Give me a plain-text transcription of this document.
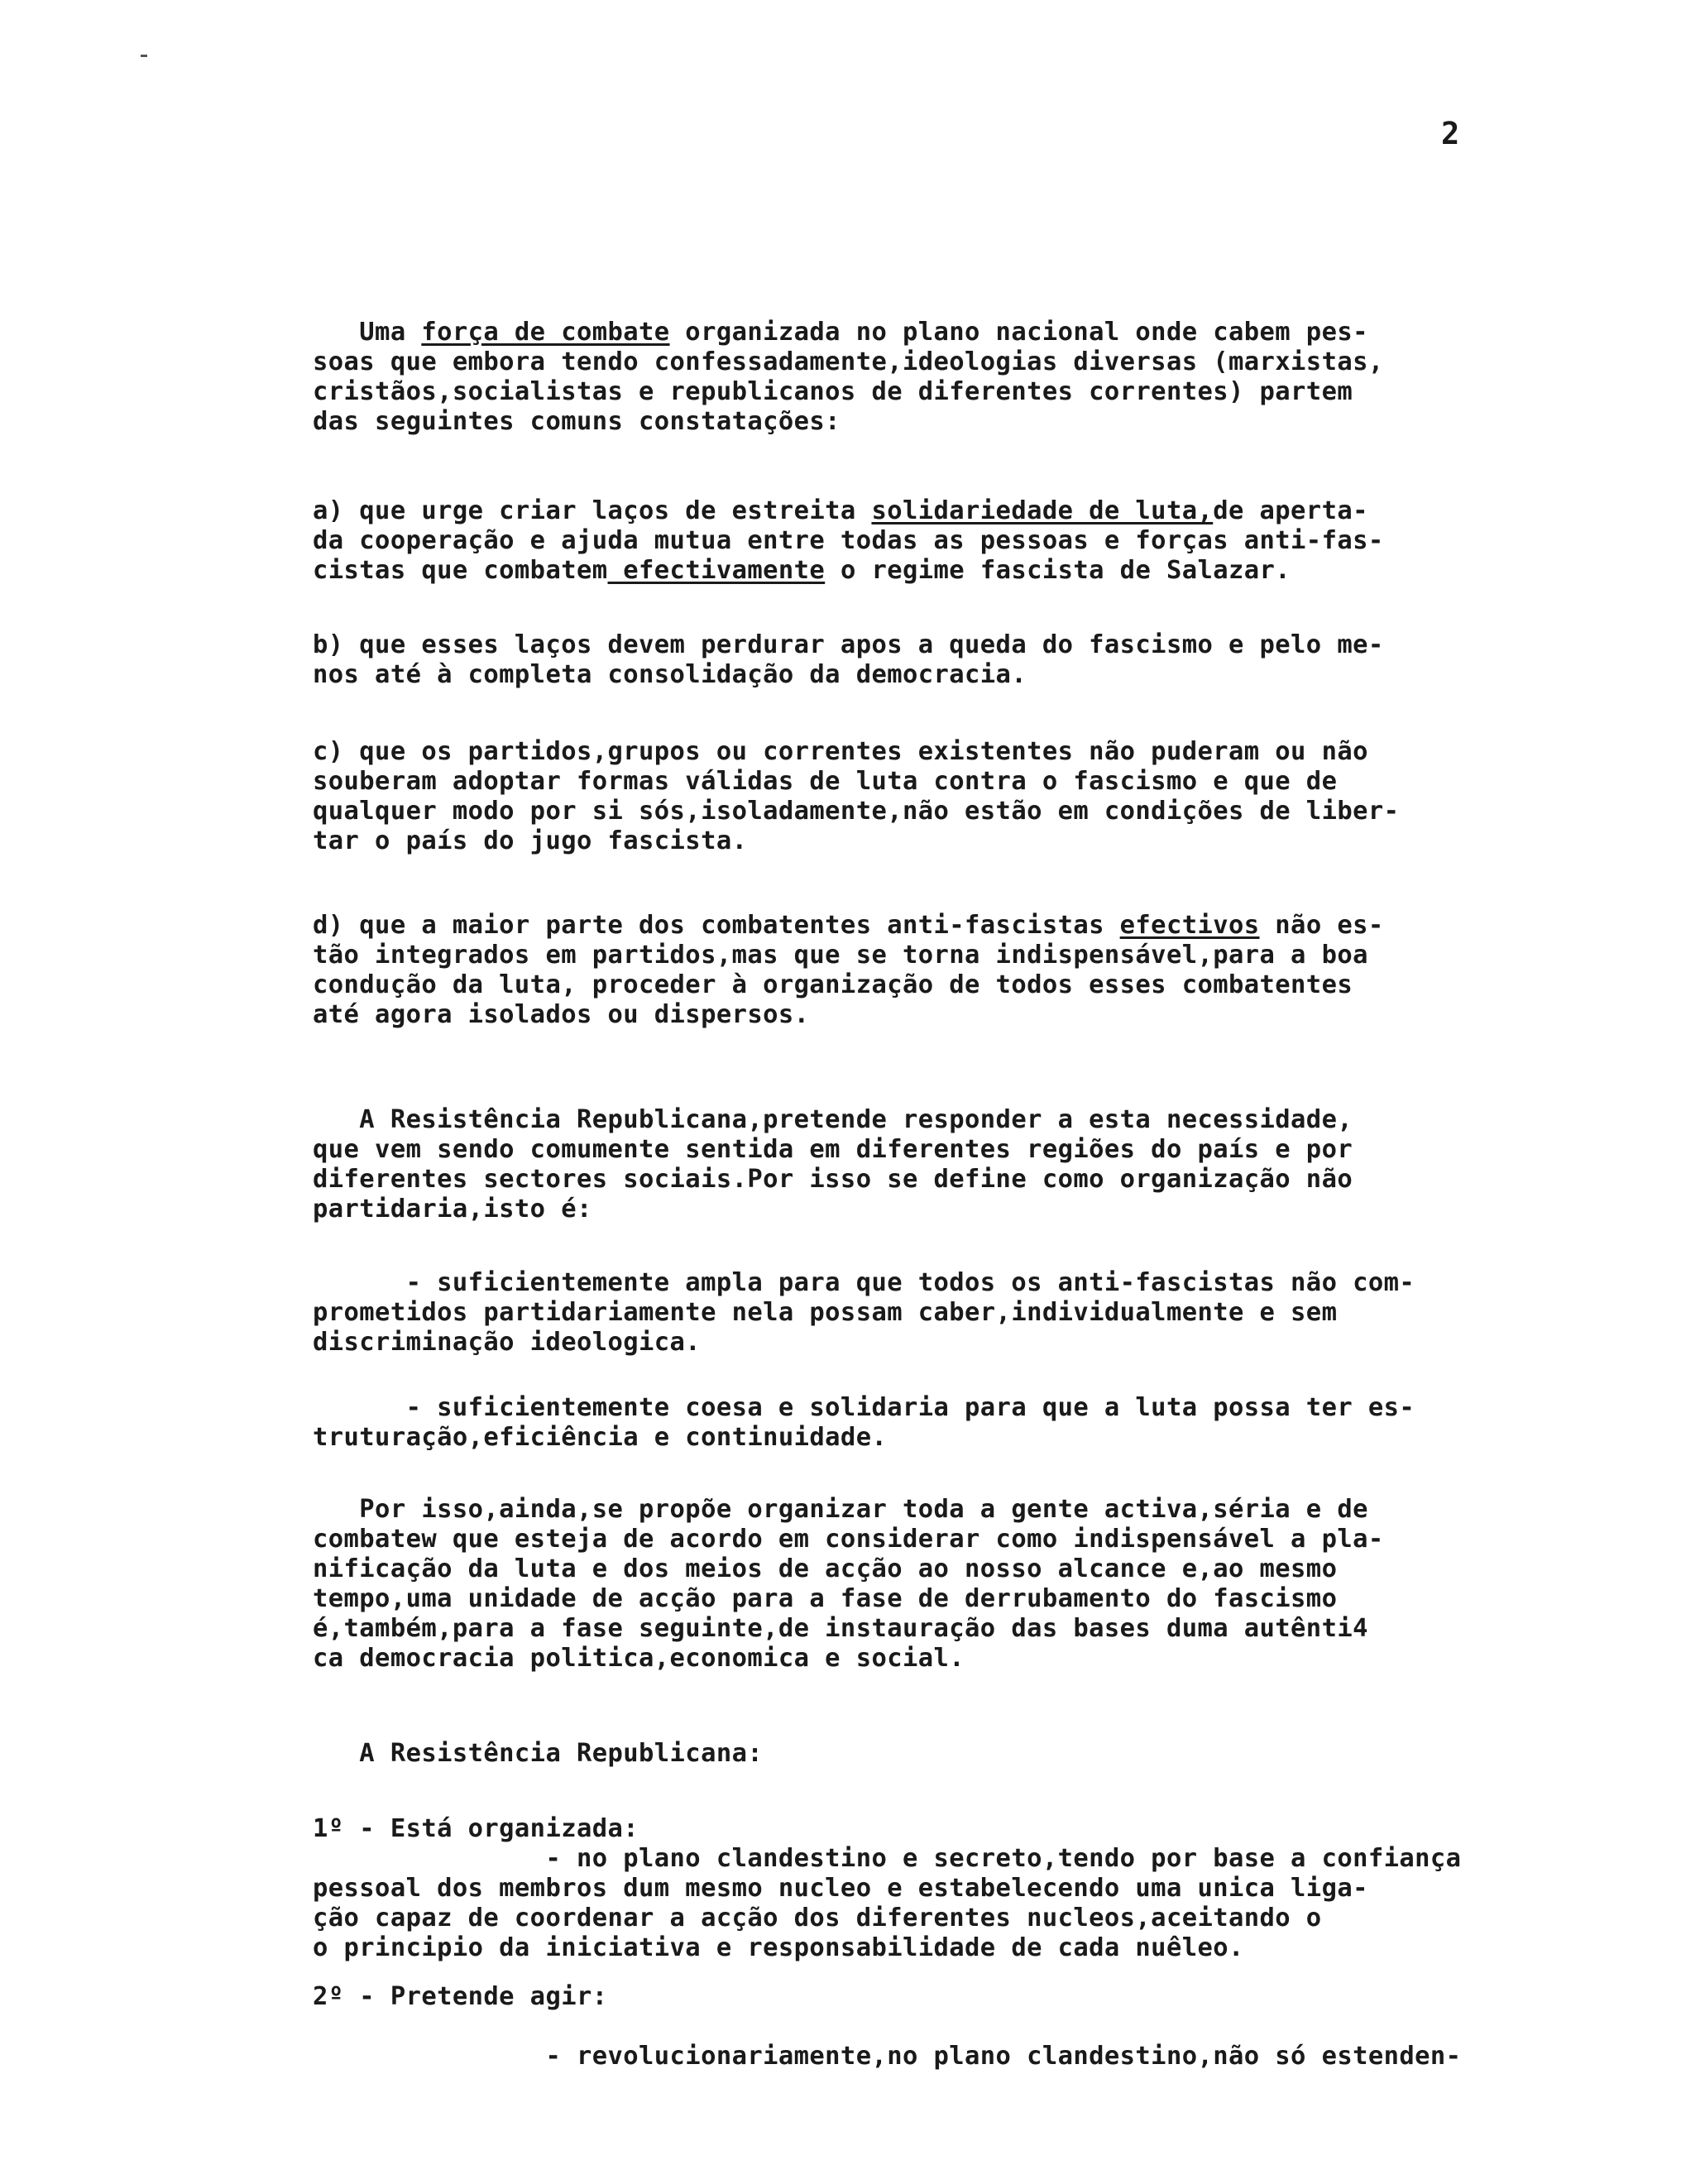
2
Uma força de combate organizada no plano nacional onde cabem pes-
soas que embora tendo confessadamente,ideologias diversas (marxistas,
cristãos,socialistas e republicanos de diferentes correntes) partem
das seguintes comuns constatações:
a) que urge criar laços de estreita solidariedade de luta,de aperta-
da cooperação e ajuda mutua entre todas as pessoas e forças anti-fas-
cistas que combatem efectivamente o regime fascista de Salazar.
b) que esses laços devem perdurar apos a queda do fascismo e pelo me-
nos até à completa consolidação da democracia.
c) que os partidos,grupos ou correntes existentes não puderam ou não
souberam adoptar formas válidas de luta contra o fascismo e que de
qualquer modo por si sós,isoladamente,não estão em condições de liber-
tar o país do jugo fascista.
d) que a maior parte dos combatentes anti-fascistas efectivos não es-
tão integrados em partidos,mas que se torna indispensável,para a boa
condução da luta, proceder à organização de todos esses combatentes
até agora isolados ou dispersos.
A Resistência Republicana,pretende responder a esta necessidade,
que vem sendo comumente sentida em diferentes regiões do país e por
diferentes sectores sociais.Por isso se define como organização não
partidaria,isto é:
- suficientemente ampla para que todos os anti-fascistas não com-
prometidos partidariamente nela possam caber,individualmente e sem
discriminação ideologica.
- suficientemente coesa e solidaria para que a luta possa ter es-
truturação,eficiência e continuidade.
Por isso,ainda,se propõe organizar toda a gente activa,séria e de
combatew que esteja de acordo em considerar como indispensável a pla-
nificação da luta e dos meios de acção ao nosso alcance e,ao mesmo
tempo,uma unidade de acção para a fase de derrubamento do fascismo
é,também,para a fase seguinte,de instauração das bases duma autênti4
ca democracia politica,economica e social.
A Resistência Republicana:
1º - Está organizada:
- no plano clandestino e secreto,tendo por base a confiança
pessoal dos membros dum mesmo nucleo e estabelecendo uma unica liga-
ção capaz de coordenar a acção dos diferentes nucleos,aceitando o
o principio da iniciativa e responsabilidade de cada nuêleo.
2º - Pretende agir:
- revolucionariamente,no plano clandestino,não só estenden-
